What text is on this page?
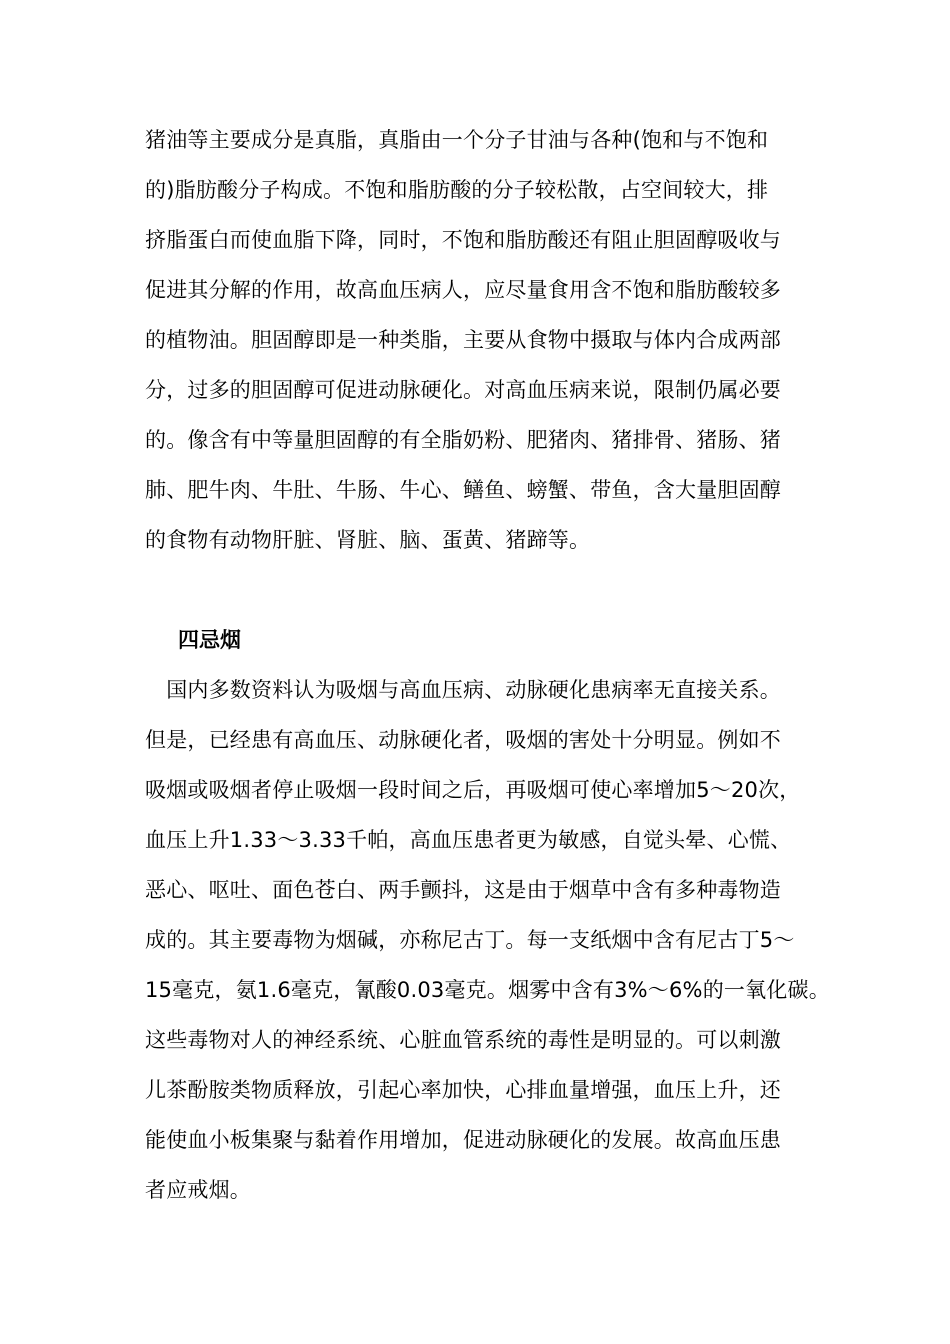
猪油等主要成分是真脂，真脂由一个分子甘油与各种(饱和与不饱和
的)脂肪酸分子构成。不饱和脂肪酸的分子较松散，占空间较大，排
挤脂蛋白而使血脂下降，同时，不饱和脂肪酸还有阻止胆固醇吸收与
促进其分解的作用，故高血压病人，应尽量食用含不饱和脂肪酸较多
的植物油。胆固醇即是一种类脂，主要从食物中摄取与体内合成两部
分，过多的胆固醇可促进动脉硬化。对高血压病来说，限制仍属必要
的。像含有中等量胆固醇的有全脂奶粉、肥猪肉、猪排骨、猪肠、猪
肺、肥牛肉、牛肚、牛肠、牛心、鳝鱼、螃蟹、带鱼，含大量胆固醇
的食物有动物肝脏、肾脏、脑、蛋黄、猪蹄等。
四忌烟
　国内多数资料认为吸烟与高血压病、动脉硬化患病率无直接关系。
但是，已经患有高血压、动脉硬化者，吸烟的害处十分明显。例如不
吸烟或吸烟者停止吸烟一段时间之后，再吸烟可使心率增加5～20次，
血压上升1.33～3.33千帕，高血压患者更为敏感，自觉头晕、心慌、
恶心、呕吐、面色苍白、两手颤抖，这是由于烟草中含有多种毒物造
成的。其主要毒物为烟碱，亦称尼古丁。每一支纸烟中含有尼古丁5～
15毫克，氨1.6毫克，氰酸0.03毫克。烟雾中含有3%～6%的一氧化碳。
这些毒物对人的神经系统、心脏血管系统的毒性是明显的。可以刺激
儿茶酚胺类物质释放，引起心率加快，心排血量增强，血压上升，还
能使血小板集聚与黏着作用增加，促进动脉硬化的发展。故高血压患
者应戒烟。
